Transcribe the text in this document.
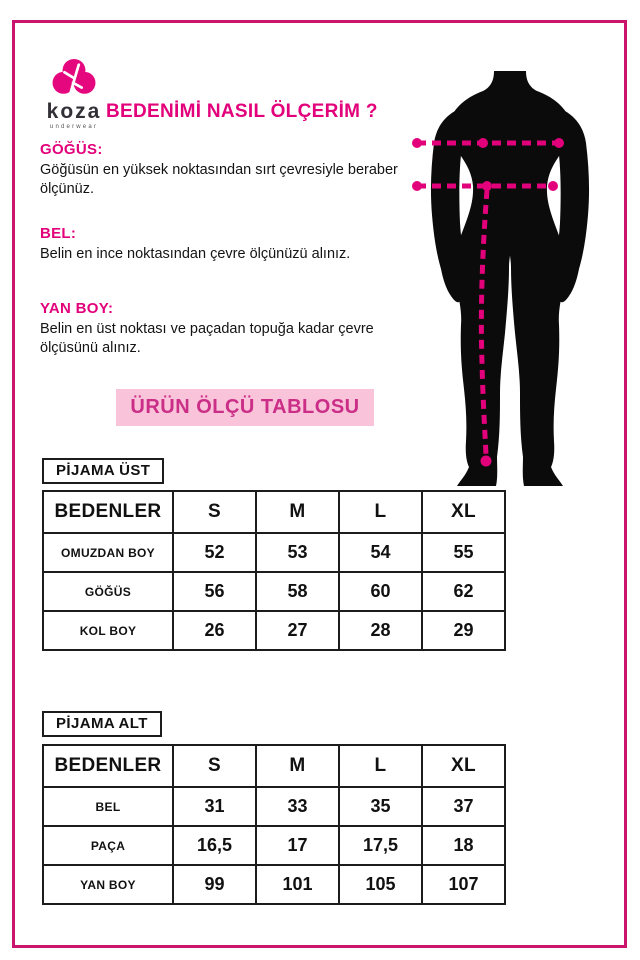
koza
underwear
BEDENİMİ NASIL ÖLÇERİM ?
GÖĞÜS:
Göğüsün en yüksek noktasından sırt çevresiyle beraber ölçünüz.
BEL:
Belin en ince noktasından çevre ölçünüzü alınız.
YAN BOY:
Belin en üst noktası ve paçadan topuğa kadar çevre ölçüsünü alınız.
ÜRÜN ÖLÇÜ TABLOSU
PİJAMA ÜST
BEDENLER	S	M	L	XL
OMUZDAN BOY	52	53	54	55
GÖĞÜS	56	58	60	62
KOL BOY	26	27	28	29
PİJAMA ALT
BEDENLER	S	M	L	XL
BEL	31	33	35	37
PAÇA	16,5	17	17,5	18
YAN BOY	99	101	105	107
